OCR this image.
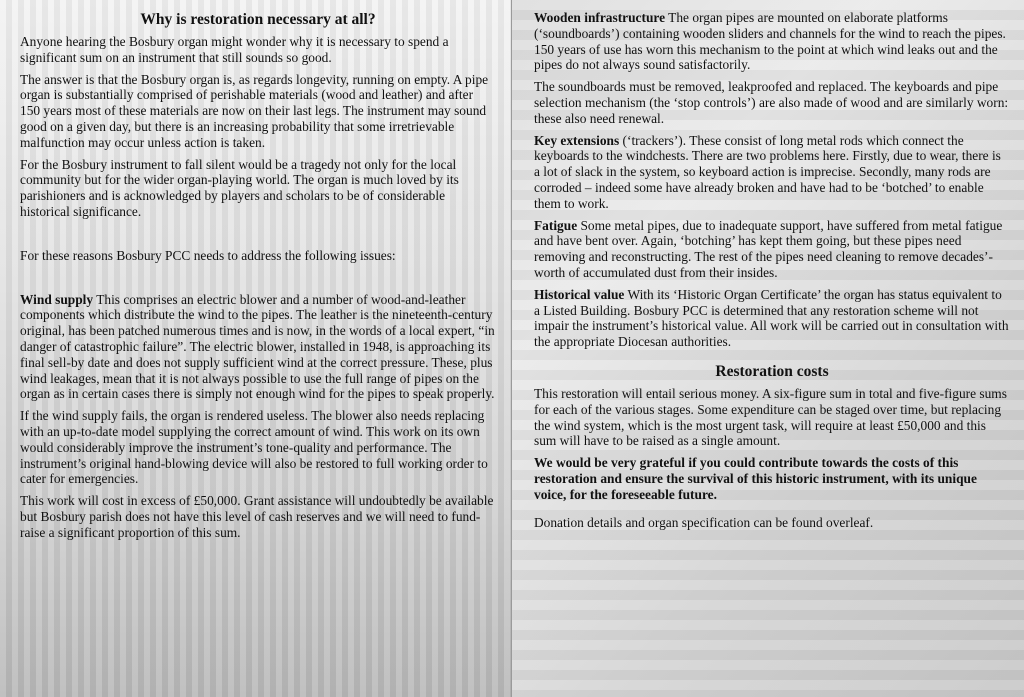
Why is restoration necessary at all?

Anyone hearing the Bosbury organ might wonder why it is necessary to spend a significant sum on an instrument that still sounds so good.

The answer is that the Bosbury organ is, as regards longevity, running on empty. A pipe organ is substantially comprised of perishable materials (wood and leather) and after 150 years most of these materials are now on their last legs. The instrument may sound good on a given day, but there is an increasing probability that some irretrievable malfunction may occur unless action is taken.

For the Bosbury instrument to fall silent would be a tragedy not only for the local community but for the wider organ-playing world. The organ is much loved by its parishioners and is acknowledged by players and scholars to be of considerable historical significance.

For these reasons Bosbury PCC needs to address the following issues:

Wind supply This comprises an electric blower and a number of wood-and-leather components which distribute the wind to the pipes. The leather is the nineteenth-century original, has been patched numerous times and is now, in the words of a local expert, “in danger of catastrophic failure”. The electric blower, installed in 1948, is approaching its final sell-by date and does not supply sufficient wind at the correct pressure. These, plus wind leakages, mean that it is not always possible to use the full range of pipes on the organ as in certain cases there is simply not enough wind for the pipes to speak properly.

If the wind supply fails, the organ is rendered useless. The blower also needs replacing with an up-to-date model supplying the correct amount of wind. This work on its own would considerably improve the instrument’s tone-quality and performance. The instrument’s original hand-blowing device will also be restored to full working order to cater for emergencies.

This work will cost in excess of £50,000. Grant assistance will undoubtedly be available but Bosbury parish does not have this level of cash reserves and we will need to fund-raise a significant proportion of this sum.

Wooden infrastructure The organ pipes are mounted on elaborate platforms (‘soundboards’) containing wooden sliders and channels for the wind to reach the pipes. 150 years of use has worn this mechanism to the point at which wind leaks out and the pipes do not always sound satisfactorily.

The soundboards must be removed, leakproofed and replaced. The keyboards and pipe selection mechanism (the ‘stop controls’) are also made of wood and are similarly worn: these also need renewal.

Key extensions (‘trackers’). These consist of long metal rods which connect the keyboards to the windchests. There are two problems here. Firstly, due to wear, there is a lot of slack in the system, so keyboard action is imprecise. Secondly, many rods are corroded – indeed some have already broken and have had to be ‘botched’ to enable them to work.

Fatigue Some metal pipes, due to inadequate support, have suffered from metal fatigue and have bent over. Again, ‘botching’ has kept them going, but these pipes need removing and reconstructing. The rest of the pipes need cleaning to remove decades’-worth of accumulated dust from their insides.

Historical value With its ‘Historic Organ Certificate’ the organ has status equivalent to a Listed Building. Bosbury PCC is determined that any restoration scheme will not impair the instrument’s historical value. All work will be carried out in consultation with the appropriate Diocesan authorities.

Restoration costs

This restoration will entail serious money. A six-figure sum in total and five-figure sums for each of the various stages. Some expenditure can be staged over time, but replacing the wind system, which is the most urgent task, will require at least £50,000 and this sum will have to be raised as a single amount.

We would be very grateful if you could contribute towards the costs of this restoration and ensure the survival of this historic instrument, with its unique voice, for the foreseeable future.

Donation details and organ specification can be found overleaf.
